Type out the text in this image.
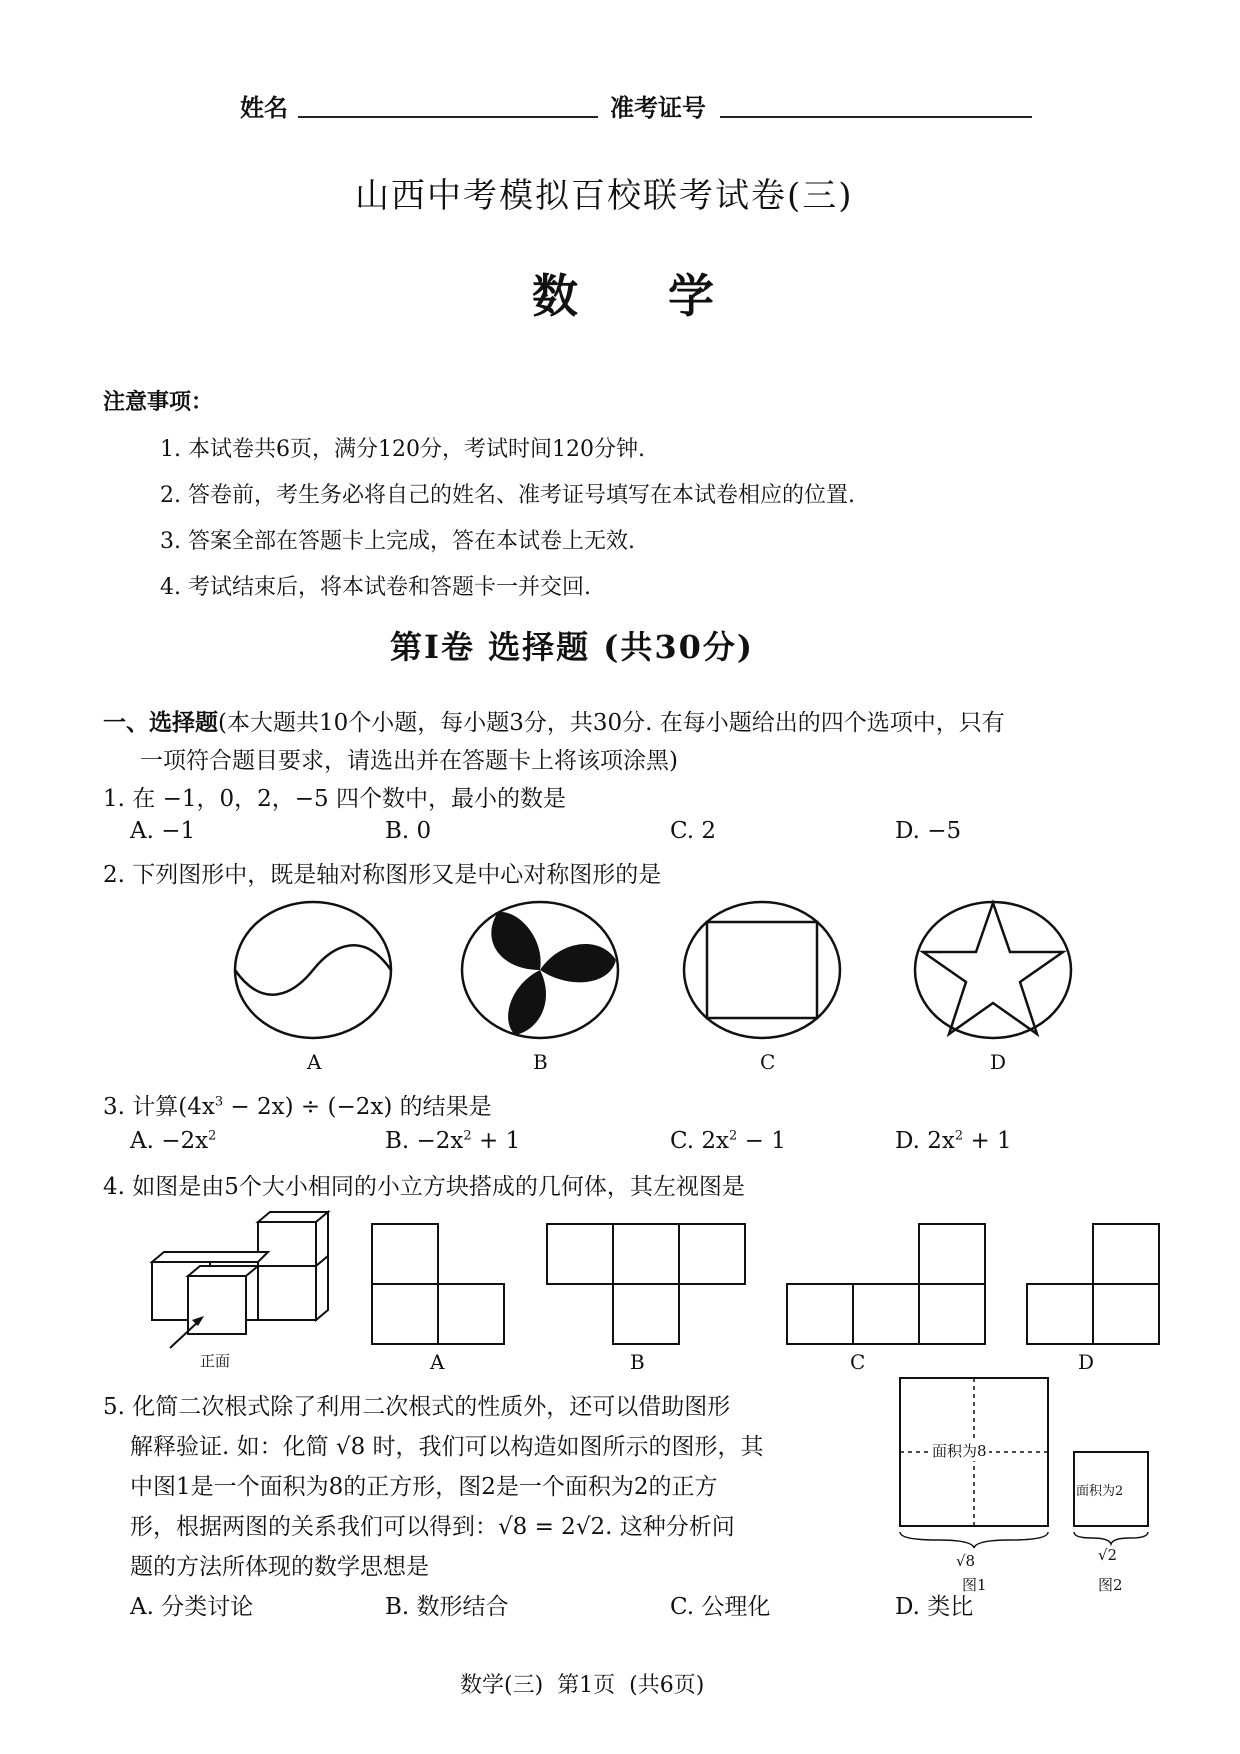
姓名	准考证号
山西中考模拟百校联考试卷(三)
数学
注意事项：
1. 本试卷共6页，满分120分，考试时间120分钟.
2. 答卷前，考生务必将自己的姓名、准考证号填写在本试卷相应的位置.
3. 答案全部在答题卡上完成，答在本试卷上无效.
4. 考试结束后，将本试卷和答题卡一并交回.
第Ⅰ卷 选择题 (共30分)
一、选择题(本大题共10个小题，每小题3分，共30分. 在每小题给出的四个选项中，只有
一项符合题目要求，请选出并在答题卡上将该项涂黑)
1. 在 −1，0，2，−5 四个数中，最小的数是
A. −1	B. 0	C. 2	D. −5
2. 下列图形中，既是轴对称图形又是中心对称图形的是
A	B	C	D
3. 计算$(4x^3 - 2x) \div (-2x)$ 的结果是
A. $-2x^2$	B. $-2x^2 + 1$	C. $2x^2 - 1$	D. $2x^2 + 1$
4. 如图是由5个大小相同的小立方块搭成的几何体，其左视图是
正面	A	B	C	D
5. 化简二次根式除了利用二次根式的性质外，还可以借助图形
解释验证. 如：化简 √8 时，我们可以构造如图所示的图形，其
中图1是一个面积为8的正方形，图2是一个面积为2的正方
形，根据两图的关系我们可以得到：√8 = 2√2. 这种分析问
题的方法所体现的数学思想是
面积为8
√8
图1
面积为2
√2
图2
A. 分类讨论	B. 数形结合	C. 公理化	D. 类比
数学(三)  第1页  (共6页)
